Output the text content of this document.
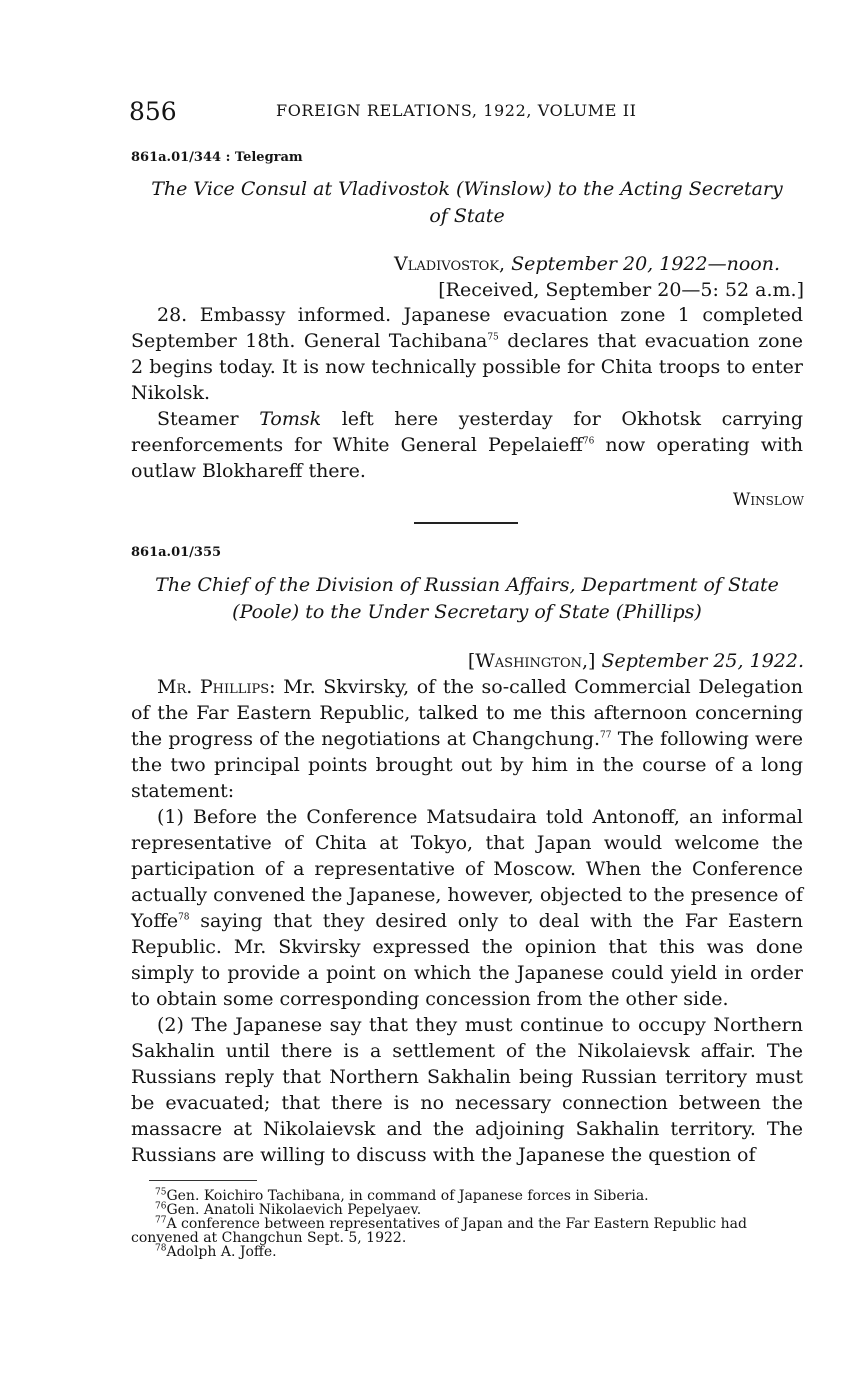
856	FOREIGN RELATIONS, 1922, VOLUME II
861a.01/344 : Telegram
The Vice Consul at Vladivostok (Winslow) to the Acting Secretary
of State
Vladivostok, September 20, 1922—noon.
[Received, September 20—5: 52 a.m.]

28. Embassy informed. Japanese evacuation zone 1 completed September 18th. General Tachibana$^{75}$ declares that evacuation zone 2 begins today. It is now technically possible for Chita troops to enter Nikolsk.

Steamer Tomsk left here yesterday for Okhotsk carrying reenforcements for White General Pepelaieff$^{76}$ now operating with outlaw Blokhareff there.

Winslow
861a.01/355
The Chief of the Division of Russian Affairs, Department of State
(Poole) to the Under Secretary of State (Phillips)
[Washington,] September 25, 1922.

Mr. Phillips: Mr. Skvirsky, of the so-called Commercial Delegation of the Far Eastern Republic, talked to me this afternoon concerning the progress of the negotiations at Changchung.$^{77}$ The following were the two principal points brought out by him in the course of a long statement:

(1) Before the Conference Matsudaira told Antonoff, an informal representative of Chita at Tokyo, that Japan would welcome the participation of a representative of Moscow. When the Conference actually convened the Japanese, however, objected to the presence of Yoffe$^{78}$ saying that they desired only to deal with the Far Eastern Republic. Mr. Skvirsky expressed the opinion that this was done simply to provide a point on which the Japanese could yield in order to obtain some corresponding concession from the other side.

(2) The Japanese say that they must continue to occupy Northern Sakhalin until there is a settlement of the Nikolaievsk affair. The Russians reply that Northern Sakhalin being Russian territory must be evacuated; that there is no necessary connection between the massacre at Nikolaievsk and the adjoining Sakhalin territory. The Russians are willing to discuss with the Japanese the question of

$^{75}$Gen. Koichiro Tachibana, in command of Japanese forces in Siberia.
$^{76}$Gen. Anatoli Nikolaevich Pepelyaev.
$^{77}$A conference between representatives of Japan and the Far Eastern Republic had convened at Changchun Sept. 5, 1922.
$^{78}$Adolph A. Joffe.
